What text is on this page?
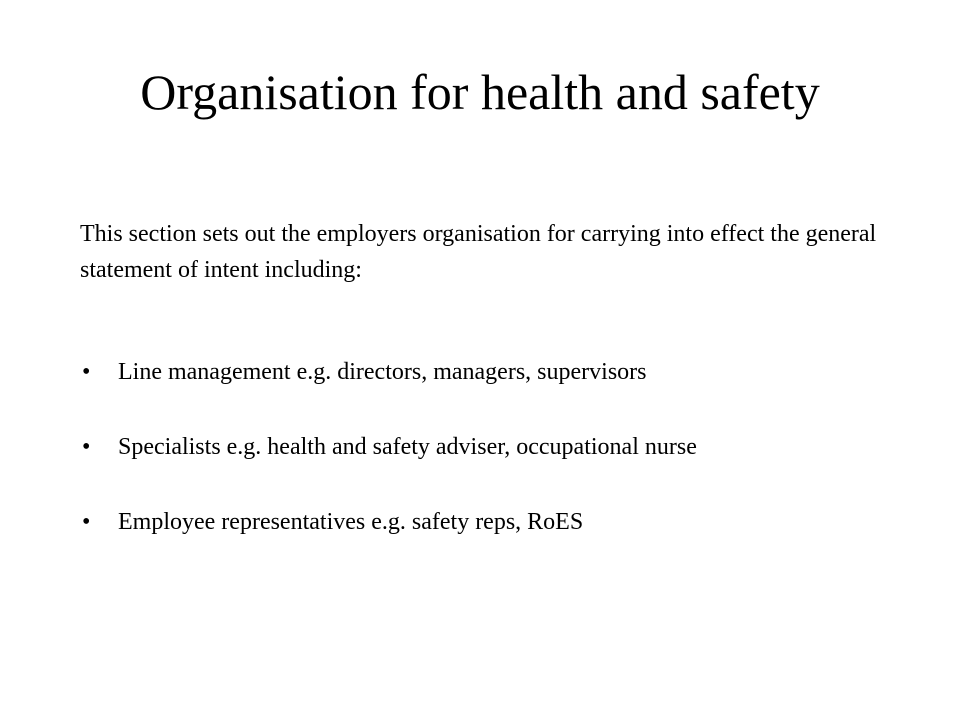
Organisation for health and safety

This section sets out the employers organisation for carrying into effect the general statement of intent including:

• Line management e.g. directors, managers, supervisors
• Specialists e.g. health and safety adviser, occupational nurse
• Employee representatives e.g. safety reps, RoES
